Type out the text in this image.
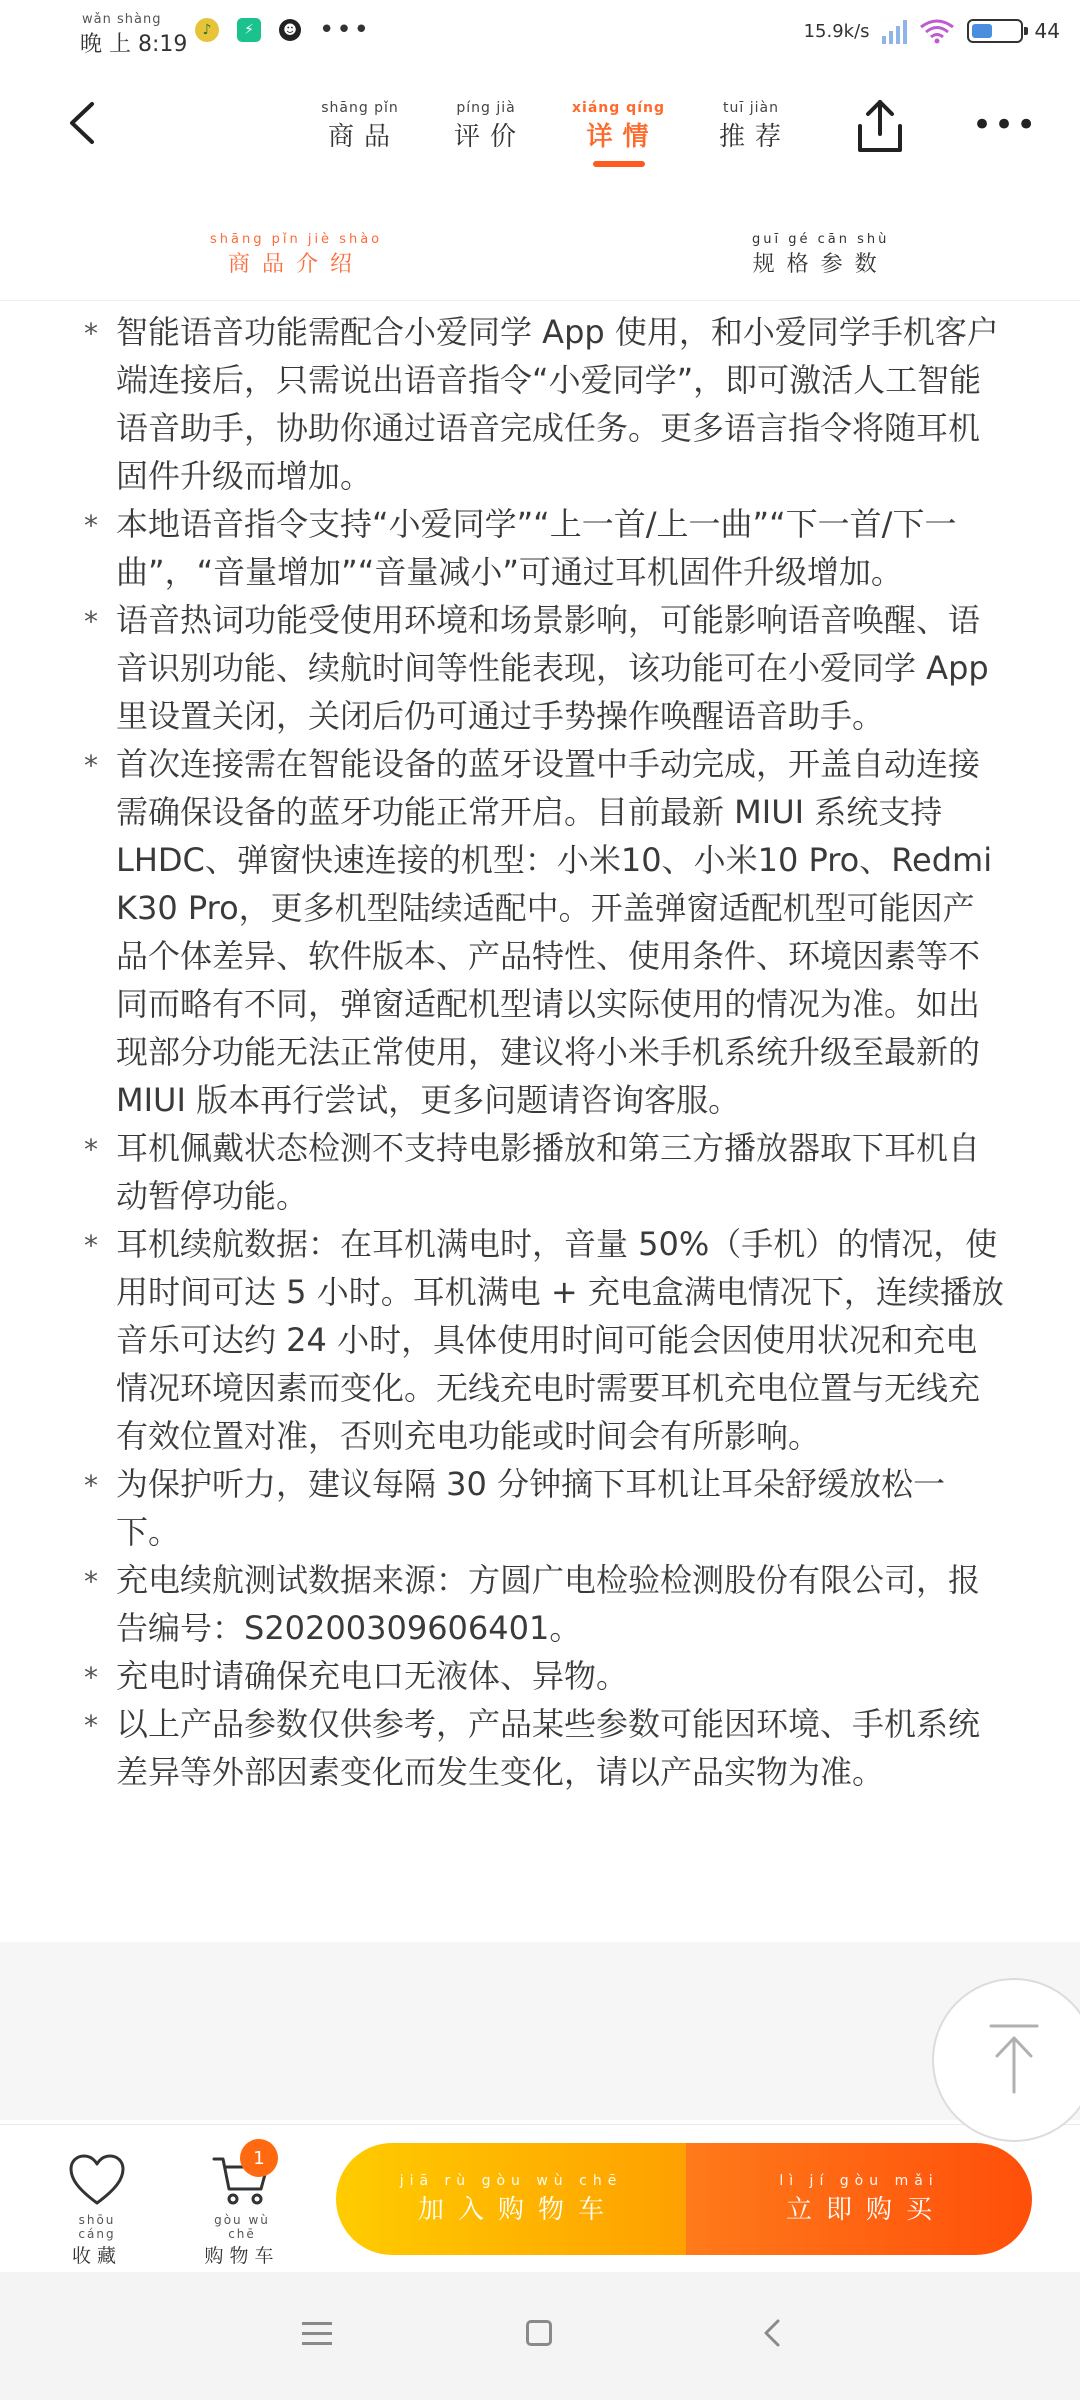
wǎn shàng
晚 上 8:19
♪	⚡	☻ •••	15.9k/s	44
shāng pǐn
商品
píng jià
评价
xiáng qíng
详情
tuī jiàn
推荐	•••
shāng pǐn jiè shào
商品介绍
guī gé cān shù
规格参数
* 智能语音功能需配合小爱同学 App 使用，和小爱同学手机客户端连接后，只需说出语音指令“小爱同学”，即可激活人工智能语音助手，协助你通过语音完成任务。更多语言指令将随耳机固件升级而增加。
* 本地语音指令支持“小爱同学”“上一首/上一曲”“下一首/下一曲”，“音量增加”“音量减小”可通过耳机固件升级增加。
* 语音热词功能受使用环境和场景影响，可能影响语音唤醒、语音识别功能、续航时间等性能表现，该功能可在小爱同学 App 里设置关闭，关闭后仍可通过手势操作唤醒语音助手。
* 首次连接需在智能设备的蓝牙设置中手动完成，开盖自动连接需确保设备的蓝牙功能正常开启。目前最新 MIUI 系统支持 LHDC、弹窗快速连接的机型：小米10、小米10 Pro、Redmi K30 Pro，更多机型陆续适配中。开盖弹窗适配机型可能因产品个体差异、软件版本、产品特性、使用条件、环境因素等不同而略有不同，弹窗适配机型请以实际使用的情况为准。如出现部分功能无法正常使用，建议将小米手机系统升级至最新的 MIUI 版本再行尝试，更多问题请咨询客服。
* 耳机佩戴状态检测不支持电影播放和第三方播放器取下耳机自动暂停功能。
* 耳机续航数据：在耳机满电时，音量 50%（手机）的情况，使用时间可达 5 小时。耳机满电 + 充电盒满电情况下，连续播放音乐可达约 24 小时，具体使用时间可能会因使用状况和充电情况环境因素而变化。无线充电时需要耳机充电位置与无线充有效位置对准，否则充电功能或时间会有所影响。
* 为保护听力，建议每隔 30 分钟摘下耳机让耳朵舒缓放松一下。
* 充电续航测试数据来源：方圆广电检验检测股份有限公司，报告编号：S20200309606401。
* 充电时请确保充电口无液体、异物。
* 以上产品参数仅供参考，产品某些参数可能因环境、手机系统差异等外部因素变化而发生变化，请以产品实物为准。
shōu cáng
收藏
gòu wù chē
购物车
1
jiā rù gòu wù chē
加入购物车
lì jí gòu mǎi
立即购买
